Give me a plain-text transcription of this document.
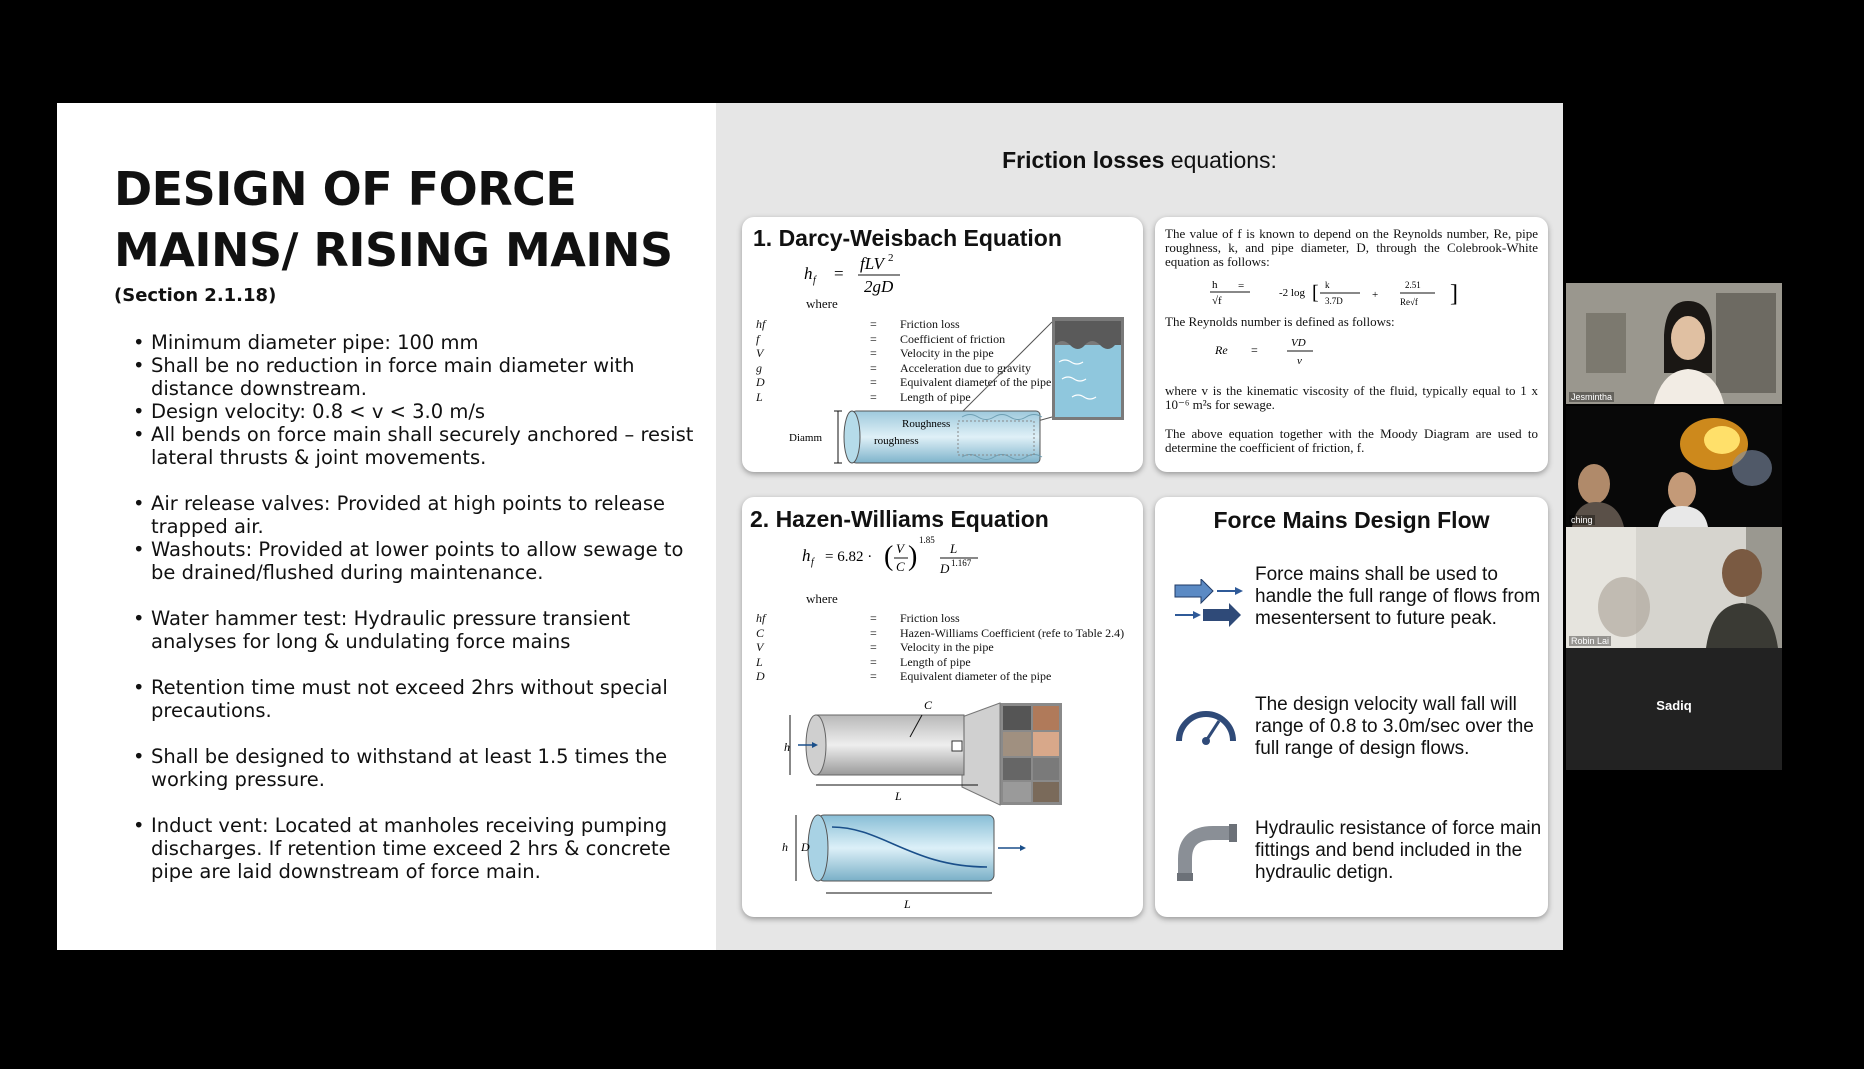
DESIGN OF FORCE
MAINS/ RISING MAINS
(Section 2.1.18)
• Minimum diameter pipe: 100 mm
• Shall be no reduction in force main diameter with distance downstream.
• Design velocity: 0.8 < v < 3.0 m/s
• All bends on force main shall securely anchored – resist lateral thrusts & joint movements.
• Air release valves: Provided at high points to release trapped air.
• Washouts: Provided at lower points to allow sewage to be drained/flushed during maintenance.
• Water hammer test: Hydraulic pressure transient analyses for long & undulating force mains
• Retention time must not exceed 2hrs without special precautions.
• Shall be designed to withstand at least 1.5 times the working pressure.
• Induct vent: Located at manholes receiving pumping discharges. If retention time exceed 2 hrs & concrete pipe are laid downstream of force main.
Friction losses equations:
1. Darcy-Weisbach Equation
h f =
fLV 2
2gD
where
hf	=	Friction loss
f	=	Coefficient of friction
V	=	Velocity in the pipe
g	=	Acceleration due to gravity
D	=	Equivalent diameter of the pipe
L	=	Length of pipe
Diamm
Roughness
roughness
The value of f is known to depend on the Reynolds number, Re, pipe roughness, k, and pipe diameter, D, through the Colebrook-White equation as follows:
h
√f
=
-2 log [ k
3.7D	+
2.51
Re√f ]
The Reynolds number is defined as follows:
Re =	VD
ν
where v is the kinematic viscosity of the fluid, typically equal to 1 x 10⁻⁶ m²s for sewage.
The above equation together with the Moody Diagram are used to determine the coefficient of friction, f.
2. Hazen-Williams Equation
h f = 6.82 · ( V
C )
1.85
L
D 1.167
where
hf	=	Friction loss
C	=	Hazen-Williams Coefficient (refe to Table 2.4)
V	=	Velocity in the pipe
L	=	Length of pipe
D	=	Equivalent diameter of the pipe
C
h
L
h D
L
Force Mains Design Flow
Force mains shall be used to handle the full range of flows from mesentersent to future peak.
The design velocity wall fall will range of 0.8 to 3.0m/sec over the full range of design flows.
Hydraulic resistance of force main fittings and bend included in the hydraulic detign.
Jesmintha
ching
Robin Lai
Sadiq
